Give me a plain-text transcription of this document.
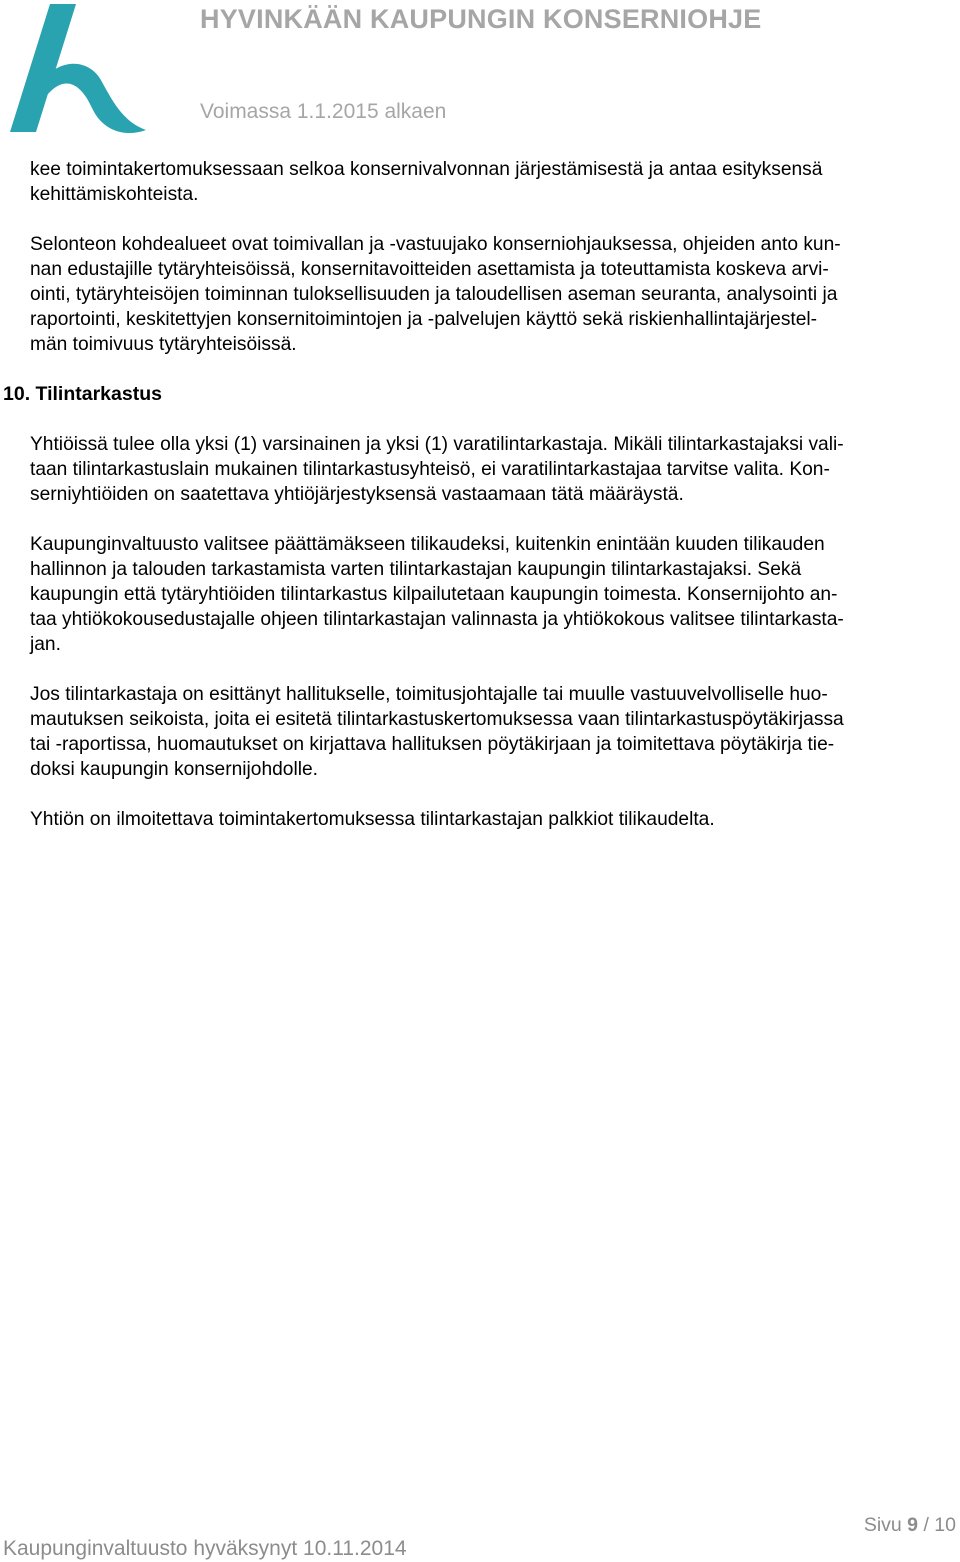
HYVINKÄÄN KAUPUNGIN KONSERNIOHJE
Voimassa 1.1.2015 alkaen
kee toimintakertomuksessaan selkoa konsernivalvonnan järjestämisestä ja antaa esityksensä
kehittämiskohteista.
Selonteon kohdealueet ovat toimivallan ja -vastuujako konserniohjauksessa, ohjeiden anto kun-
nan edustajille tytäryhteisöissä, konsernitavoitteiden asettamista ja toteuttamista koskeva arvi-
ointi, tytäryhteisöjen toiminnan tuloksellisuuden ja taloudellisen aseman seuranta, analysointi ja
raportointi, keskitettyjen konsernitoimintojen ja -palvelujen käyttö sekä riskienhallintajärjestel-
män toimivuus tytäryhteisöissä.
Yhtiöissä tulee olla yksi (1) varsinainen ja yksi (1) varatilintarkastaja. Mikäli tilintarkastajaksi vali-
taan tilintarkastuslain mukainen tilintarkastusyhteisö, ei varatilintarkastajaa tarvitse valita. Kon-
serniyhtiöiden on saatettava yhtiöjärjestyksensä vastaamaan tätä määräystä.
Kaupunginvaltuusto valitsee päättämäkseen tilikaudeksi, kuitenkin enintään kuuden tilikauden
hallinnon ja talouden tarkastamista varten tilintarkastajan kaupungin tilintarkastajaksi. Sekä
kaupungin että tytäryhtiöiden tilintarkastus kilpailutetaan kaupungin toimesta. Konsernijohto an-
taa yhtiökokousedustajalle ohjeen tilintarkastajan valinnasta ja yhtiökokous valitsee tilintarkasta-
jan.
Jos tilintarkastaja on esittänyt hallitukselle, toimitusjohtajalle tai muulle vastuuvelvolliselle huo-
mautuksen seikoista, joita ei esitetä tilintarkastuskertomuksessa vaan tilintarkastuspöytäkirjassa
tai -raportissa, huomautukset on kirjattava hallituksen pöytäkirjaan ja toimitettava pöytäkirja tie-
doksi kaupungin konsernijohdolle.
Yhtiön on ilmoitettava toimintakertomuksessa tilintarkastajan palkkiot tilikaudelta.
10. Tilintarkastus
Sivu 9 / 10
Kaupunginvaltuusto hyväksynyt 10.11.2014
